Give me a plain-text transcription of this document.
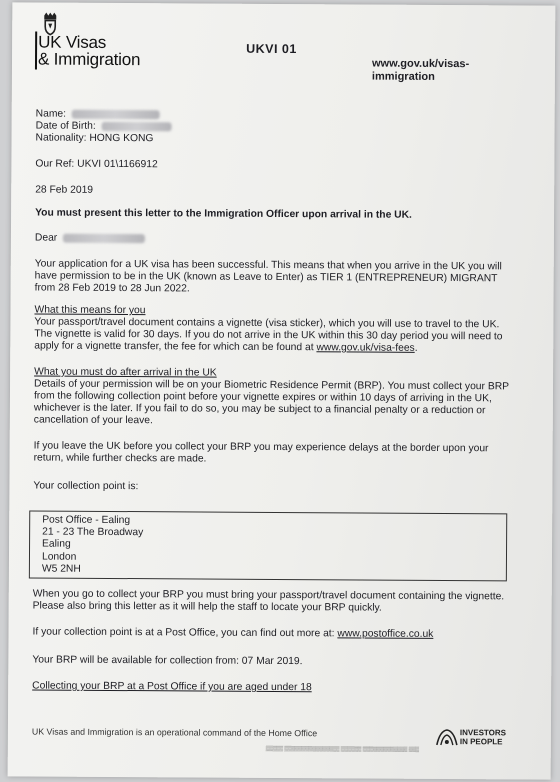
UK Visas
& Immigration
UKVI 01
www.gov.uk/visas-
immigration
Name:
Date of Birth:
Nationality: HONG KONG
Our Ref: UKVI 01\1166912
28 Feb 2019
You must present this letter to the Immigration Officer upon arrival in the UK.
Dear
Your application for a UK visa has been successful. This means that when you arrive in the UK you will have permission to be in the UK (known as Leave to Enter) as TIER 1 (ENTREPRENEUR) MIGRANT from 28 Feb 2019 to 28 Jun 2022.
What this means for you
Your passport/travel document contains a vignette (visa sticker), which you will use to travel to the UK. The vignette is valid for 30 days. If you do not arrive in the UK within this 30 day period you will need to apply for a vignette transfer, the fee for which can be found at www.gov.uk/visa-fees.
What you must do after arrival in the UK
Details of your permission will be on your Biometric Residence Permit (BRP). You must collect your BRP from the following collection point before your vignette expires or within 10 days of arriving in the UK, whichever is the later. If you fail to do so, you may be subject to a financial penalty or a reduction or cancellation of your leave.
If you leave the UK before you collect your BRP you may experience delays at the border upon your return, while further checks are made.
Your collection point is:
Post Office - Ealing
21 - 23 The Broadway
Ealing
London
W5 2NH
When you go to collect your BRP you must bring your passport/travel document containing the vignette. Please also bring this letter as it will help the staff to locate your BRP quickly.
If your collection point is at a Post Office, you can find out more at: www.postoffice.co.uk
Your BRP will be available for collection from: 07 Mar 2019.
Collecting your BRP at a Post Office if you are aged under 18
UK Visas and Immigration is an operational command of the Home Office
▒▒▒▒▒ ▒▒▒▒▒▒▒▒▒▒▒▒▒▒▒▒ ▒▒▒▒▒▒ ▒▒▒▒▒▒▒▒▒▒▒▒▒ ▒▒▒
INVESTORS
IN PEOPLE
